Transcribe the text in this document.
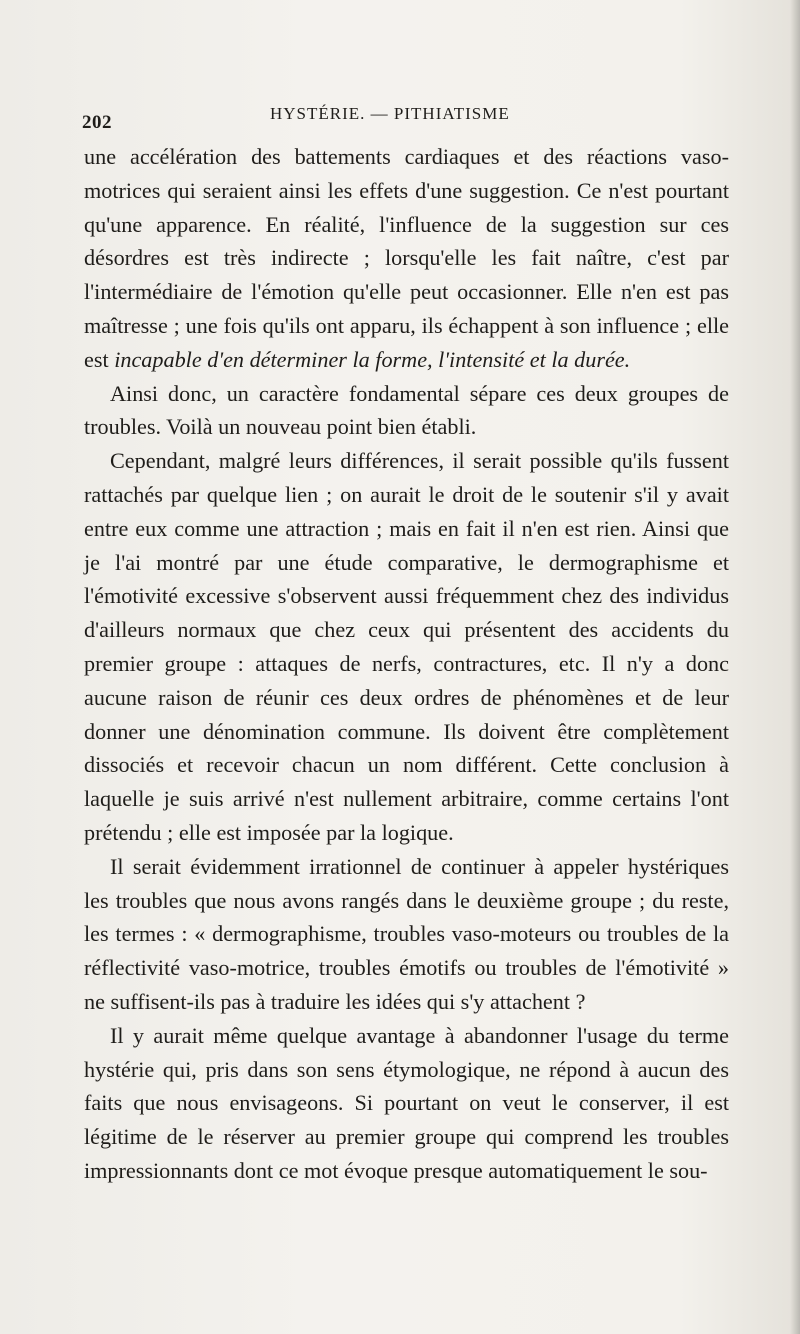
202	HYSTÉRIE. — PITHIATISME

une accélération des battements cardiaques et des réactions vaso-motrices qui seraient ainsi les effets d'une suggestion. Ce n'est pourtant qu'une apparence. En réalité, l'influence de la suggestion sur ces désordres est très indirecte ; lorsqu'elle les fait naître, c'est par l'intermédiaire de l'émotion qu'elle peut occasionner. Elle n'en est pas maîtresse ; une fois qu'ils ont apparu, ils échappent à son influence ; elle est incapable d'en déterminer la forme, l'intensité et la durée.

Ainsi donc, un caractère fondamental sépare ces deux groupes de troubles. Voilà un nouveau point bien établi.

Cependant, malgré leurs différences, il serait possible qu'ils fussent rattachés par quelque lien ; on aurait le droit de le soutenir s'il y avait entre eux comme une attraction ; mais en fait il n'en est rien. Ainsi que je l'ai montré par une étude comparative, le dermographisme et l'émotivité excessive s'observent aussi fréquemment chez des individus d'ailleurs normaux que chez ceux qui présentent des accidents du premier groupe : attaques de nerfs, contractures, etc. Il n'y a donc aucune raison de réunir ces deux ordres de phénomènes et de leur donner une dénomination commune. Ils doivent être complètement dissociés et recevoir chacun un nom différent. Cette conclusion à laquelle je suis arrivé n'est nullement arbitraire, comme certains l'ont prétendu ; elle est imposée par la logique.

Il serait évidemment irrationnel de continuer à appeler hystériques les troubles que nous avons rangés dans le deuxième groupe ; du reste, les termes : « dermographisme, troubles vaso-moteurs ou troubles de la réflectivité vaso-motrice, troubles émotifs ou troubles de l'émotivité » ne suffisent-ils pas à traduire les idées qui s'y attachent ?

Il y aurait même quelque avantage à abandonner l'usage du terme hystérie qui, pris dans son sens étymologique, ne répond à aucun des faits que nous envisageons. Si pourtant on veut le conserver, il est légitime de le réserver au premier groupe qui comprend les troubles impressionnants dont ce mot évoque presque automatiquement le sou-
